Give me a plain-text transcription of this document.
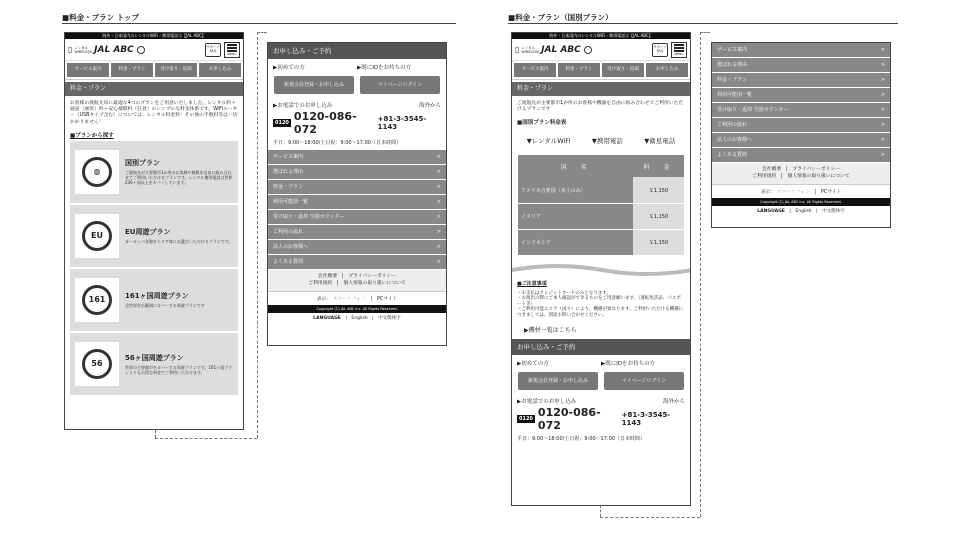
■料金・プラン トップ	■料金・プラン（国別プラン）
海外・日本国内のレンタルWiFi・携帯電話は【JAL ABC】
▯ レンタル
WIRELESS JAL ABC	サポート FAQ
MENU
サービス案内	料金・プラン	受け取り・返却	お申し込み
料金・プラン
お客様の渡航先毎に最適な4つのプランをご用意いたしました。レンタル料＋通話（通常）料＋安心補償料（任意）のシンプルな料金体系です。WiFiルーター（USBタイプ含む）については、レンタル料金料！その他の手数料等は一切かかりません！
■プランから探す
◍
国別プラン
ご渡航先が主要都市1か所のお客様や複数を自由に組み合わせてご利用いただけるプランです。レンタル携帯電話は世界230ヶ国以上をカバーしています。
EU	EU周遊プラン
ヨーロッパ各地をエリア毎にお選びいただけるプランです。
161	161ヶ国周遊プラン
全世界を広範囲にカバーする周遊プランです
56
56ヶ国周遊プラン
世界の主要都市をカバーする周遊プランです。161ヶ国プランよりもお得な料金でご利用いただけます。
お申し込み・ご予約
▶初めての方	▶既にIDをお持ちの方
新規会員登録・お申し込み	マイページログイン
▶お電話でのお申し込み	海外から
0120 0120-086-072
+81-3-3545-1143
平日：9:00～18:00/土日祝：9:00～17:00（日本時間）
サービス案内	>
選ばれる理由	>
料金・プラン	>
利用可能国一覧	>
受け取り・返却 空港カウンター	>
ご利用の流れ	>
法人のお客様へ	>
よくある質問	>
会社概要　|　プライバシーポリシー
ご利用規約　|　個人情報の取り扱いについて
表示： スマートフォン　|　PCサイト
Copyright (C) JAL ABC inc. All Rights Reserved.
LANGUAGE　|　English　|　中文簡体字
海外・日本国内のレンタルWiFi・携帯電話は【JAL ABC】
▯ レンタル
WIRELESS JAL ABC	サポート FAQ
MENU
サービス案内	料金・プラン	受け取り・返却	お申し込み
料金・プラン
ご渡航先が主要都市1か所のお客様や機器を自由に組み合わせてご利用いただけるプランです
■国別プラン料金表
▼レンタルWiFi	▼携帯電話	▼衛星電話
国　名	料　金
アメリカ合衆国（本土のみ）	￥1,150
イタリア	￥1,150
インドネシア	￥1,150
■ご注意事項
・お支払はクレジットカードのみとなります。
・お渡出の際にご本人確認ができるものをご用意願います。（運転免許証、パスポート等）
・ご利用可能エリア（国々）により、機種が異なります。ご利用いただける機種につきましては、別途お問い合わせください。
▶機材一覧はこちら
お申し込み・ご予約
▶初めての方	▶既にIDをお持ちの方
新規会員登録・お申し込み	マイページログイン
▶お電話でのお申し込み	海外から
0120 0120-086-072
+81-3-3545-1143
平日：9:00～18:00/土日祝：9:00～17:00（日本時間）
サービス案内	>
選ばれる理由	>
料金・プラン	>
利用可能国一覧	>
受け取り・返却 空港カウンター	>
ご利用の流れ	>
法人のお客様へ	>
よくある質問	>
会社概要　|　プライバシーポリシー
ご利用規約　|　個人情報の取り扱いについて
表示： スマートフォン　|　PCサイト
Copyright (C) JAL ABC inc. All Rights Reserved.
LANGUAGE　|　English　|　中文簡体字
